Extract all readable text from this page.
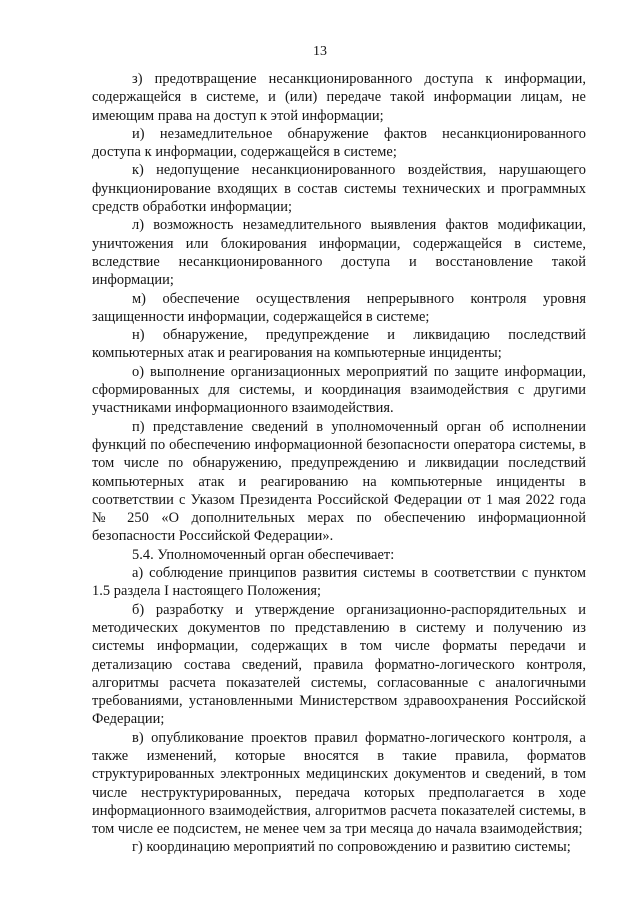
13

з) предотвращение несанкционированного доступа к информации, содержащейся в системе, и (или) передаче такой информации лицам, не имеющим права на доступ к этой информации;

и) незамедлительное обнаружение фактов несанкционированного доступа к информации, содержащейся в системе;

к) недопущение несанкционированного воздействия, нарушающего функционирование входящих в состав системы технических и программных средств обработки информации;

л) возможность незамедлительного выявления фактов модификации, уничтожения или блокирования информации, содержащейся в системе, вследствие несанкционированного доступа и восстановление такой информации;

м) обеспечение осуществления непрерывного контроля уровня защищенности информации, содержащейся в системе;

н) обнаружение, предупреждение и ликвидацию последствий компьютерных атак и реагирования на компьютерные инциденты;

о) выполнение организационных мероприятий по защите информации, сформированных для системы, и координация взаимодействия с другими участниками информационного взаимодействия.

п) представление сведений в уполномоченный орган об исполнении функций по обеспечению информационной безопасности оператора системы, в том числе по обнаружению, предупреждению и ликвидации последствий компьютерных атак и реагированию на компьютерные инциденты в соответствии с Указом Президента Российской Федерации от 1 мая 2022 года № 250 «О дополнительных мерах по обеспечению информационной безопасности Российской Федерации».

5.4. Уполномоченный орган обеспечивает:

а) соблюдение принципов развития системы в соответствии с пунктом 1.5 раздела I настоящего Положения;

б) разработку и утверждение организационно-распорядительных и методических документов по представлению в систему и получению из системы информации, содержащих в том числе форматы передачи и детализацию состава сведений, правила форматно-логического контроля, алгоритмы расчета показателей системы, согласованные с аналогичными требованиями, установленными Министерством здравоохранения Российской Федерации;

в) опубликование проектов правил форматно-логического контроля, а также изменений, которые вносятся в такие правила, форматов структурированных электронных медицинских документов и сведений, в том числе неструктурированных, передача которых предполагается в ходе информационного взаимодействия, алгоритмов расчета показателей системы, в том числе ее подсистем, не менее чем за три месяца до начала взаимодействия;

г) координацию мероприятий по сопровождению и развитию системы;
